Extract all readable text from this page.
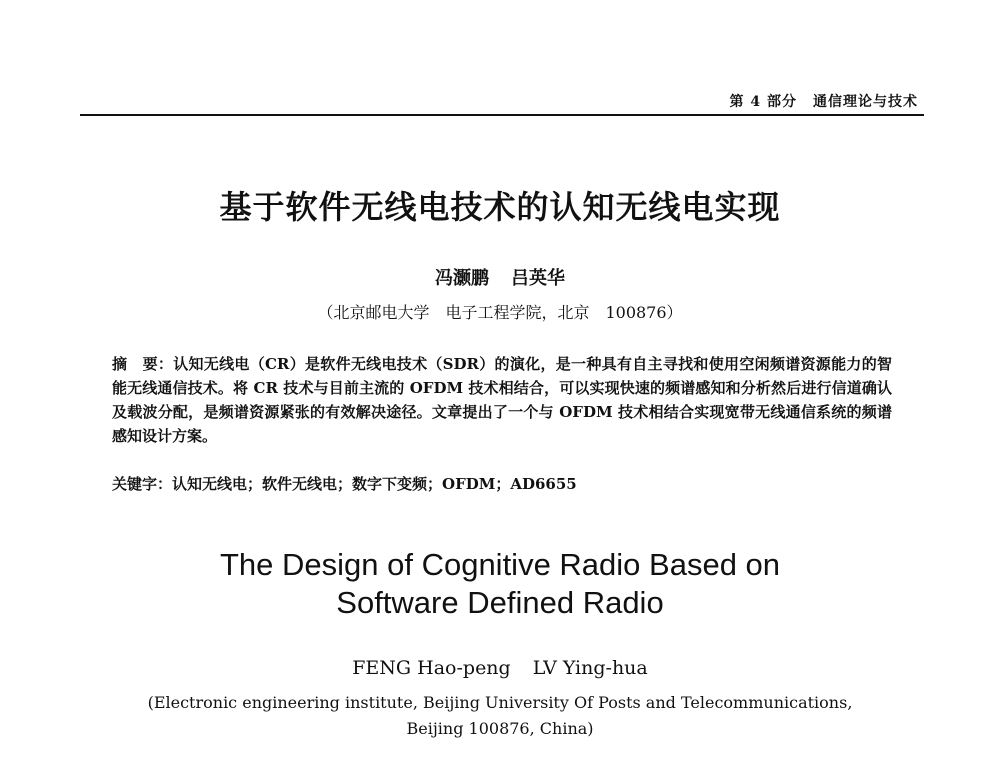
第 4 部分 通信理论与技术
基于软件无线电技术的认知无线电实现
冯灏鹏 吕英华
（北京邮电大学　电子工程学院，北京　100876）

摘　要：认知无线电（CR）是软件无线电技术（SDR）的演化，是一种具有自主寻找和使用空闲频谱资源能力的智能无线通信技术。将 CR 技术与目前主流的 OFDM 技术相结合，可以实现快速的频谱感知和分析然后进行信道确认及载波分配，是频谱资源紧张的有效解决途径。文章提出了一个与 OFDM 技术相结合实现宽带无线通信系统的频谱感知设计方案。

关键字：认知无线电；软件无线电；数字下变频；OFDM；AD6655
The Design of Cognitive Radio Based on
Software Defined Radio
FENG Hao-peng LV Ying-hua
(Electronic engineering institute, Beijing University Of Posts and Telecommunications,
Beijing 100876, China)
